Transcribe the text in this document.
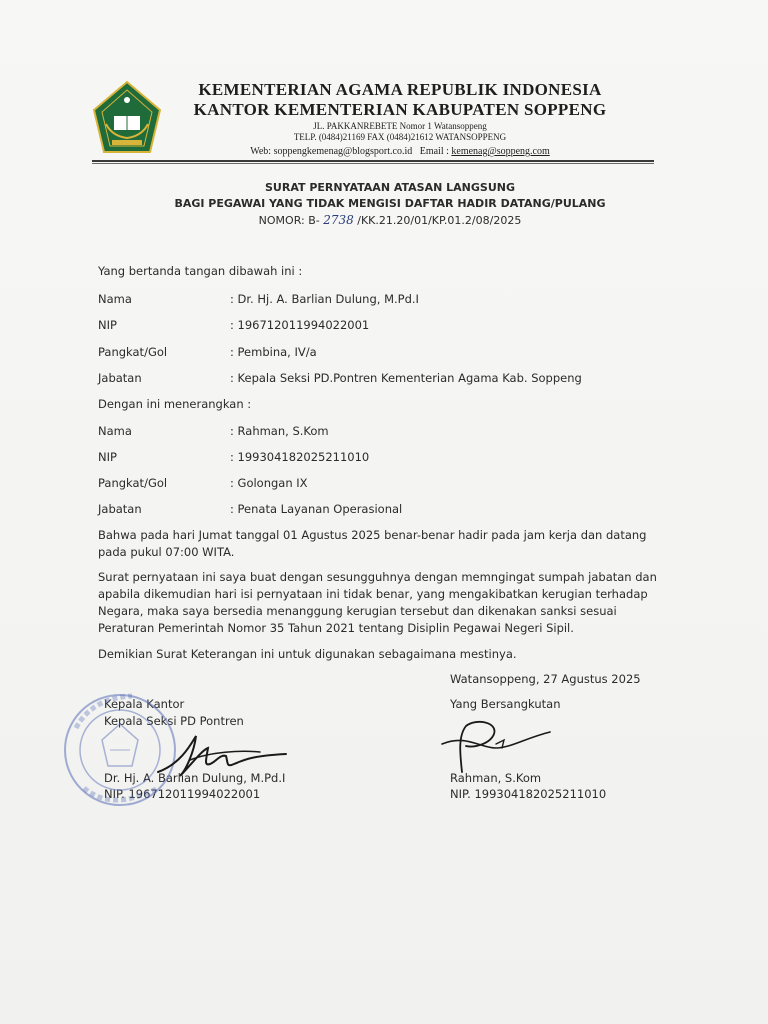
KEMENTERIAN AGAMA REPUBLIK INDONESIA
KANTOR KEMENTERIAN KABUPATEN SOPPENG
JL. PAKKANREBETE Nomor 1 Watansoppeng
TELP. (0484)21169 FAX (0484)21612 WATANSOPPENG
Web: soppengkemenag@blogsport.co.id Email : kemenag@soppeng.com
SURAT PERNYATAAN ATASAN LANGSUNG
BAGI PEGAWAI YANG TIDAK MENGISI DAFTAR HADIR DATANG/PULANG
NOMOR: B- 2738 /KK.21.20/01/KP.01.2/08/2025
Yang bertanda tangan dibawah ini :
Nama	: Dr. Hj. A. Barlian Dulung, M.Pd.I
NIP	: 196712011994022001
Pangkat/Gol	: Pembina, IV/a
Jabatan	: Kepala Seksi PD.Pontren Kementerian Agama Kab. Soppeng
Dengan ini menerangkan :
Nama	: Rahman, S.Kom
NIP	: 199304182025211010
Pangkat/Gol	: Golongan IX
Jabatan	: Penata Layanan Operasional
Bahwa pada hari Jumat tanggal 01 Agustus 2025 benar-benar hadir pada jam kerja dan datang pada pukul 07:00 WITA.
Surat pernyataan ini saya buat dengan sesungguhnya dengan memngingat sumpah jabatan dan apabila dikemudian hari isi pernyataan ini tidak benar, yang mengakibatkan kerugian terhadap Negara, maka saya bersedia menanggung kerugian tersebut dan dikenakan sanksi sesuai Peraturan Pemerintah Nomor 35 Tahun 2021 tentang Disiplin Pegawai Negeri Sipil.
Demikian Surat Keterangan ini untuk digunakan sebagaimana mestinya.
Watansoppeng, 27 Agustus 2025
Kepala Kantor
Kepala Seksi PD Pontren
Dr. Hj. A. Barlian Dulung, M.Pd.I
NIP. 196712011994022001
Yang Bersangkutan
Rahman, S.Kom
NIP. 199304182025211010
